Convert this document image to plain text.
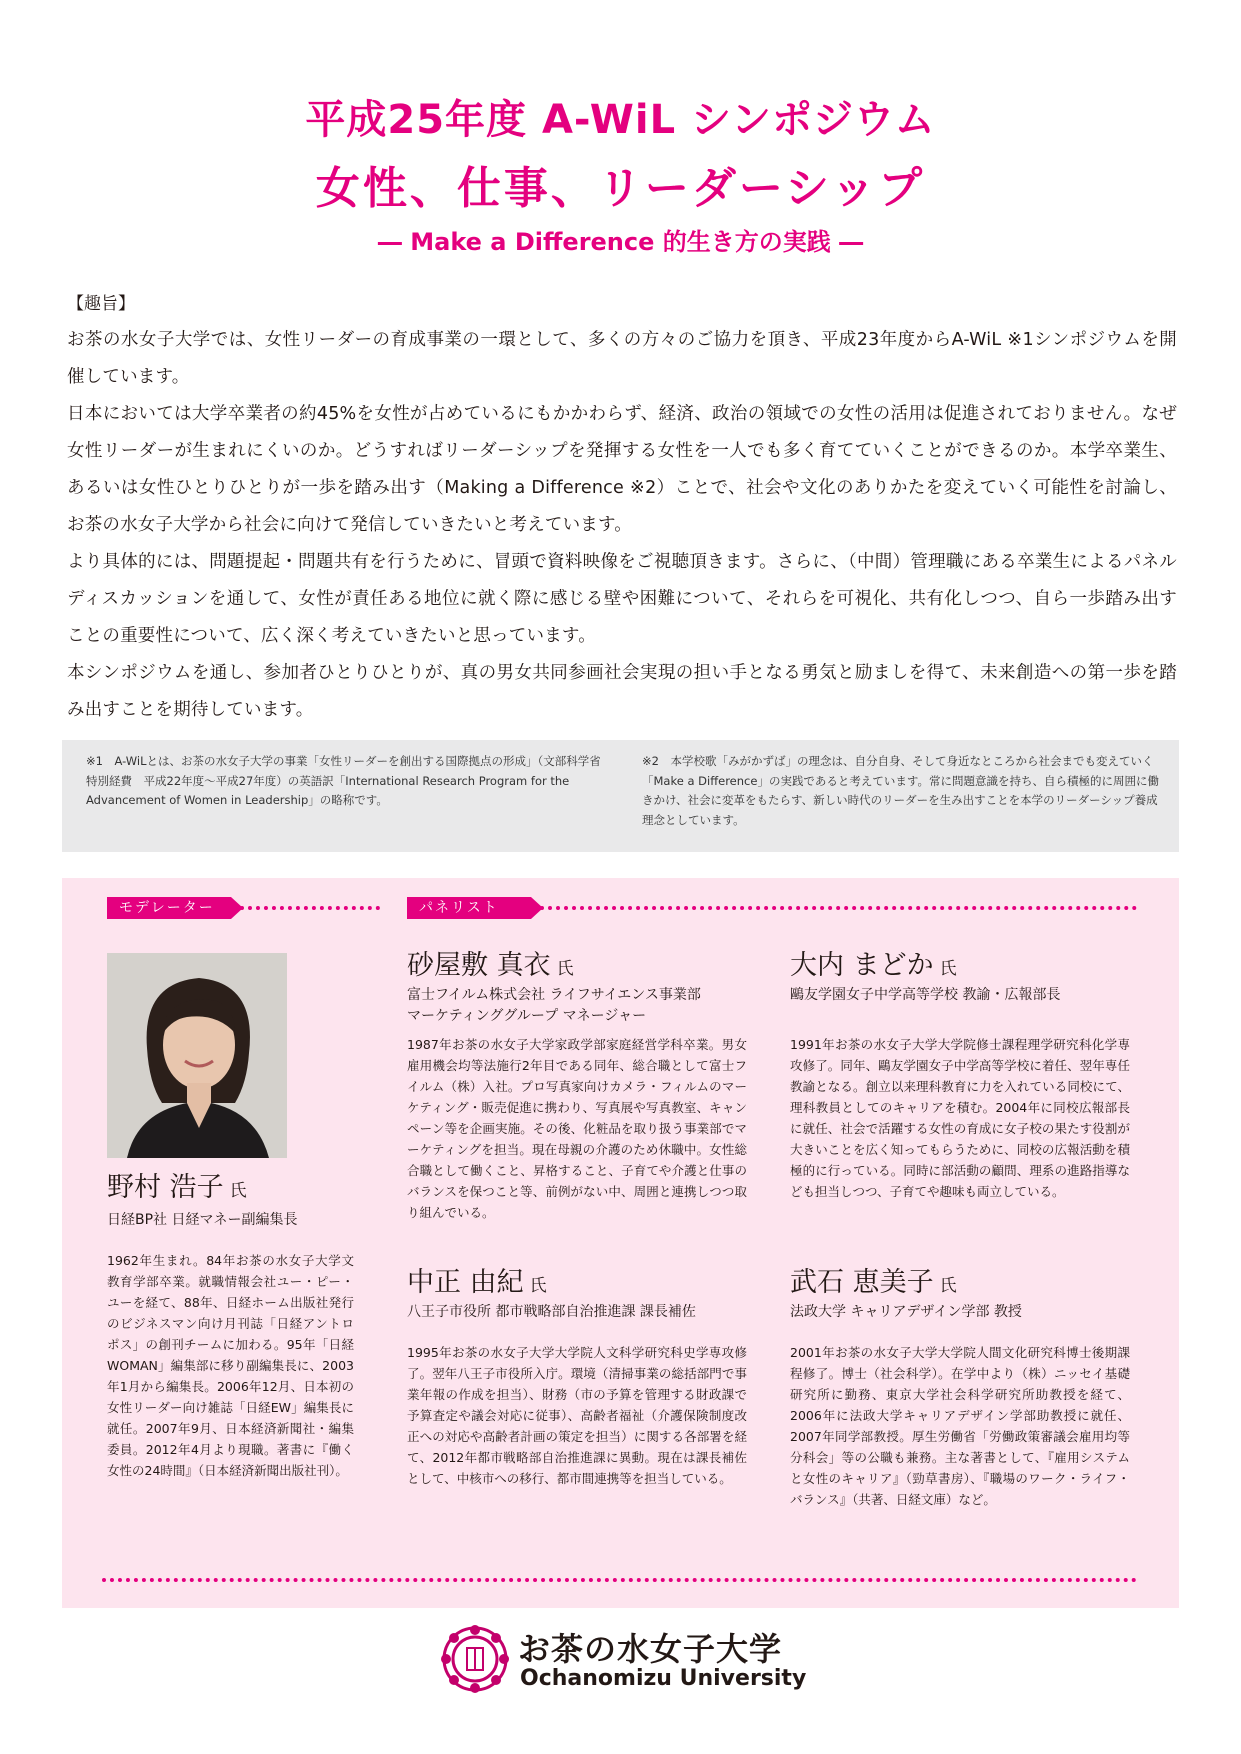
平成25年度 A-WiL シンポジウム
女性、仕事、リーダーシップ
― Make a Difference 的生き方の実践 ―
【趣旨】

お茶の水女子大学では、女性リーダーの育成事業の一環として、多くの方々のご協力を頂き、平成23年度からA-WiL ※1シンポジウムを開催しています。

日本においては大学卒業者の約45%を女性が占めているにもかかわらず、経済、政治の領域での女性の活用は促進されておりません。なぜ女性リーダーが生まれにくいのか。どうすればリーダーシップを発揮する女性を一人でも多く育てていくことができるのか。本学卒業生、あるいは女性ひとりひとりが一歩を踏み出す（Making a Difference ※2）ことで、社会や文化のありかたを変えていく可能性を討論し、お茶の水女子大学から社会に向けて発信していきたいと考えています。

より具体的には、問題提起・問題共有を行うために、冒頭で資料映像をご視聴頂きます。さらに、（中間）管理職にある卒業生によるパネルディスカッションを通して、女性が責任ある地位に就く際に感じる壁や困難について、それらを可視化、共有化しつつ、自ら一歩踏み出すことの重要性について、広く深く考えていきたいと思っています。

本シンポジウムを通し、参加者ひとりひとりが、真の男女共同参画社会実現の担い手となる勇気と励ましを得て、未来創造への第一歩を踏み出すことを期待しています。

※1　A-WiLとは、お茶の水女子大学の事業「女性リーダーを創出する国際拠点の形成」（文部科学省特別経費　平成22年度～平成27年度）の英語訳「International Research Program for the Advancement of Women in Leadership」の略称です。
※2　本学校歌「みがかずば」の理念は、自分自身、そして身近なところから社会までも変えていく「Make a Difference」の実践であると考えています。常に問題意識を持ち、自ら積極的に周囲に働きかけ、社会に変革をもたらす、新しい時代のリーダーを生み出すことを本学のリーダーシップ養成理念としています。
モデレーター	パネリスト
野村 浩子 氏
日経BP社 日経マネー副編集長
1962年生まれ。84年お茶の水女子大学文教育学部卒業。就職情報会社ユー・ピー・ユーを経て、88年、日経ホーム出版社発行のビジネスマン向け月刊誌「日経アントロポス」の創刊チームに加わる。95年「日経WOMAN」編集部に移り副編集長に、2003年1月から編集長。2006年12月、日本初の女性リーダー向け雑誌「日経EW」編集長に就任。2007年9月、日本経済新聞社・編集委員。2012年4月より現職。著書に『働く女性の24時間』（日本経済新聞出版社刊）。
砂屋敷 真衣 氏
富士フイルム株式会社 ライフサイエンス事業部
マーケティンググループ マネージャー
1987年お茶の水女子大学家政学部家庭経営学科卒業。男女雇用機会均等法施行2年目である同年、総合職として富士フイルム（株）入社。プロ写真家向けカメラ・フィルムのマーケティング・販売促進に携わり、写真展や写真教室、キャンペーン等を企画実施。その後、化粧品を取り扱う事業部でマーケティングを担当。現在母親の介護のため休職中。女性総合職として働くこと、昇格すること、子育てや介護と仕事のバランスを保つこと等、前例がない中、周囲と連携しつつ取り組んでいる。
大内 まどか 氏
鷗友学園女子中学高等学校 教諭・広報部長
1991年お茶の水女子大学大学院修士課程理学研究科化学専攻修了。同年、鷗友学園女子中学高等学校に着任、翌年専任教諭となる。創立以来理科教育に力を入れている同校にて、理科教員としてのキャリアを積む。2004年に同校広報部長に就任、社会で活躍する女性の育成に女子校の果たす役割が大きいことを広く知ってもらうために、同校の広報活動を積極的に行っている。同時に部活動の顧問、理系の進路指導なども担当しつつ、子育てや趣味も両立している。
中正 由紀 氏
八王子市役所 都市戦略部自治推進課 課長補佐
1995年お茶の水女子大学大学院人文科学研究科史学専攻修了。翌年八王子市役所入庁。環境（清掃事業の総括部門で事業年報の作成を担当）、財務（市の予算を管理する財政課で予算査定や議会対応に従事）、高齢者福祉（介護保険制度改正への対応や高齢者計画の策定を担当）に関する各部署を経て、2012年都市戦略部自治推進課に異動。現在は課長補佐として、中核市への移行、都市間連携等を担当している。
武石 恵美子 氏
法政大学 キャリアデザイン学部 教授
2001年お茶の水女子大学大学院人間文化研究科博士後期課程修了。博士（社会科学）。在学中より（株）ニッセイ基礎研究所に勤務、東京大学社会科学研究所助教授を経て、2006年に法政大学キャリアデザイン学部助教授に就任、2007年同学部教授。厚生労働省「労働政策審議会雇用均等分科会」等の公職も兼務。主な著書として、『雇用システムと女性のキャリア』（勁草書房）、『職場のワーク・ライフ・バランス』（共著、日経文庫）など。
お茶の水女子大学
Ochanomizu University
